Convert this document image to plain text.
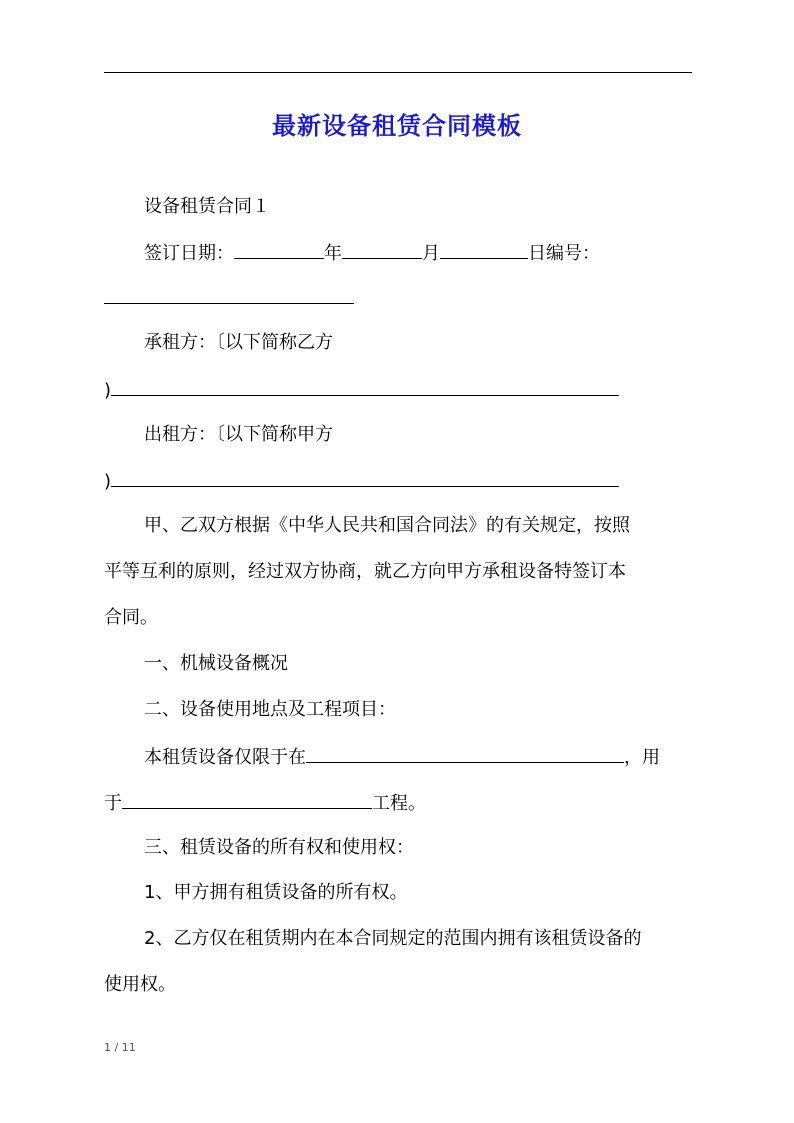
最新设备租赁合同模板
设备租赁合同１
签订日期：	年	月	日编号：
承租方：〔以下简称乙方
)
出租方：〔以下简称甲方
)
甲、乙双方根据《中华人民共和国合同法》的有关规定，按照
平等互利的原则，经过双方协商，就乙方向甲方承租设备特签订本
合同。
一、机械设备概况
二、设备使用地点及工程项目：
本租赁设备仅限于在	，用
于	工程。
三、租赁设备的所有权和使用权：
1、甲方拥有租赁设备的所有权。
2、乙方仅在租赁期内在本合同规定的范围内拥有该租赁设备的
使用权。
1 / 11
